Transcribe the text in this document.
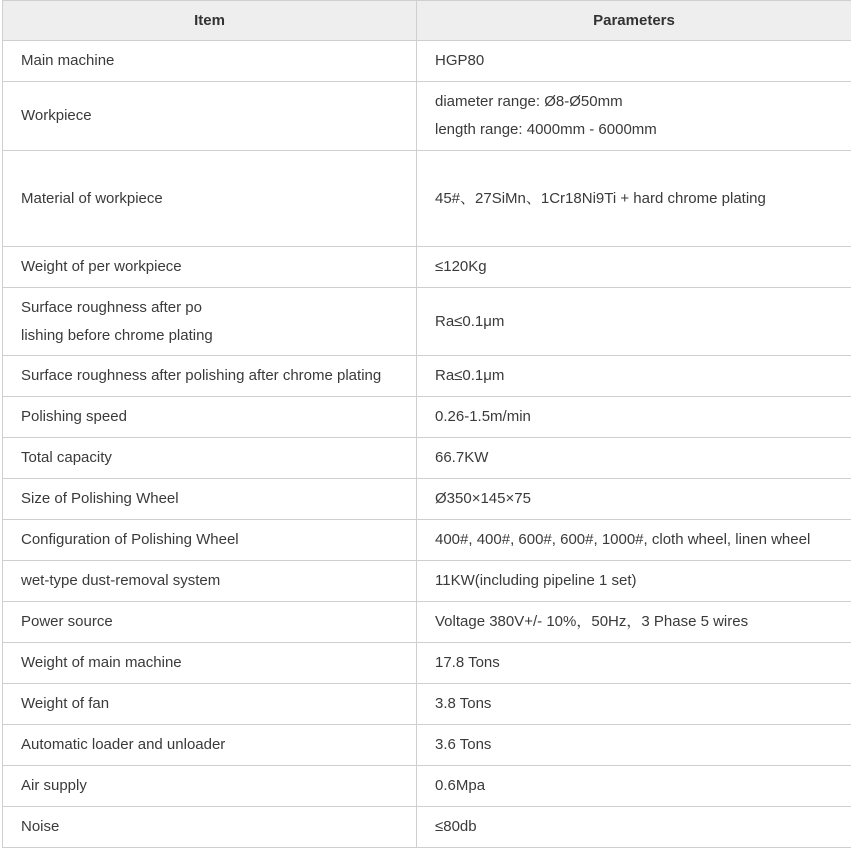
Item	Parameters

Main machine	HGP80

Workpiece	diameter range: Ø8-Ø50mm
length range: 4000mm - 6000mm

Material of workpiece	45#、27SiMn、1Cr18Ni9Ti + hard chrome plating

Weight of per workpiece	≤120Kg

Surface roughness after po
lishing before chrome plating	Ra≤0.1μm

Surface roughness after polishing after chrome plating	Ra≤0.1μm

Polishing speed	0.26-1.5m/min

Total capacity	66.7KW

Size of Polishing Wheel	Ø350×145×75

Configuration of Polishing Wheel	400#, 400#, 600#, 600#, 1000#, cloth wheel, linen wheel

wet-type dust-removal system	11KW(including pipeline 1 set)

Power source	Voltage 380V+/- 10%，50Hz，3 Phase 5 wires

Weight of main machine	17.8 Tons

Weight of fan	3.8 Tons

Automatic loader and unloader	3.6 Tons

Air supply	0.6Mpa

Noise	≤80db
